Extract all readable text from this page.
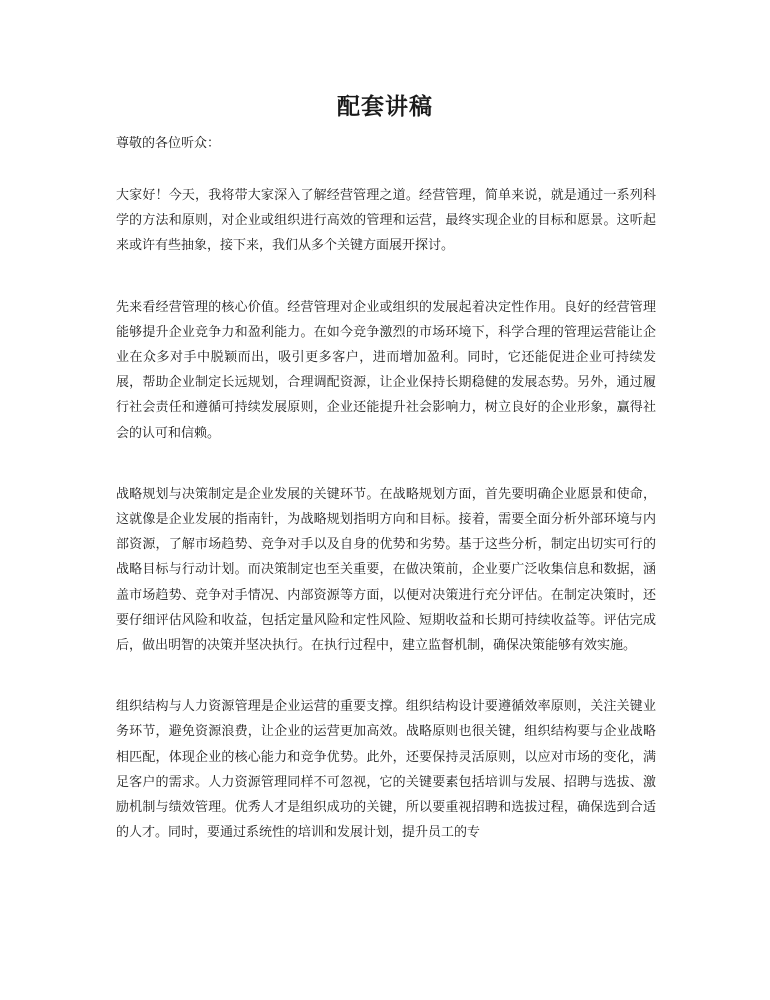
配套讲稿

尊敬的各位听众：

大家好！今天，我将带大家深入了解经营管理之道。经营管理，简单来说，就是通过一系列科学的方法和原则，对企业或组织进行高效的管理和运营，最终实现企业的目标和愿景。这听起来或许有些抽象，接下来，我们从多个关键方面展开探讨。

先来看经营管理的核心价值。经营管理对企业或组织的发展起着决定性作用。良好的经营管理能够提升企业竞争力和盈利能力。在如今竞争激烈的市场环境下，科学合理的管理运营能让企业在众多对手中脱颖而出，吸引更多客户，进而增加盈利。同时，它还能促进企业可持续发展，帮助企业制定长远规划，合理调配资源，让企业保持长期稳健的发展态势。另外，通过履行社会责任和遵循可持续发展原则，企业还能提升社会影响力，树立良好的企业形象，赢得社会的认可和信赖。

战略规划与决策制定是企业发展的关键环节。在战略规划方面，首先要明确企业愿景和使命，这就像是企业发展的指南针，为战略规划指明方向和目标。接着，需要全面分析外部环境与内部资源，了解市场趋势、竞争对手以及自身的优势和劣势。基于这些分析，制定出切实可行的战略目标与行动计划。而决策制定也至关重要，在做决策前，企业要广泛收集信息和数据，涵盖市场趋势、竞争对手情况、内部资源等方面，以便对决策进行充分评估。在制定决策时，还要仔细评估风险和收益，包括定量风险和定性风险、短期收益和长期可持续收益等。评估完成后，做出明智的决策并坚决执行。在执行过程中，建立监督机制，确保决策能够有效实施。

组织结构与人力资源管理是企业运营的重要支撑。组织结构设计要遵循效率原则，关注关键业务环节，避免资源浪费，让企业的运营更加高效。战略原则也很关键，组织结构要与企业战略相匹配，体现企业的核心能力和竞争优势。此外，还要保持灵活原则，以应对市场的变化，满足客户的需求。人力资源管理同样不可忽视，它的关键要素包括培训与发展、招聘与选拔、激励机制与绩效管理。优秀人才是组织成功的关键，所以要重视招聘和选拔过程，确保选到合适的人才。同时，要通过系统性的培训和发展计划，提升员工的专
